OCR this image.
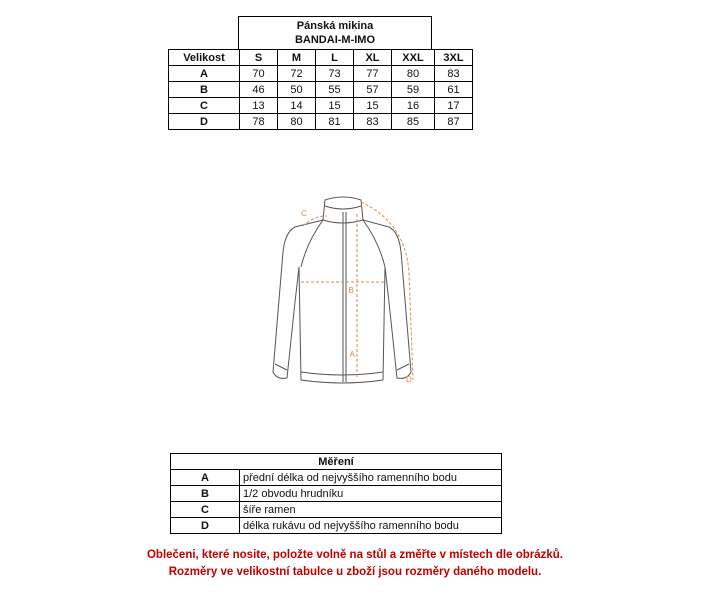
Pánská mikina
BANDAI-M-IMO
Velikost	S	M	L	XL	XXL	3XL
A	70	72	73	77	80	83
B	46	50	55	57	59	61
C	13	14	15	15	16	17
D	78	80	81	83	85	87
A
B
C
D
Měření	
A	přední délka od nejvyššího ramenního bodu
B	1/2 obvodu hrudníku
C	šíře ramen
D	délka rukávu od nejvyššího ramenního bodu
Oblečeni, které nosite, položte volně na stůl a změřte v místech dle obrázků.
Rozměry ve velikostní tabulce u zboží jsou rozměry daného modelu.
